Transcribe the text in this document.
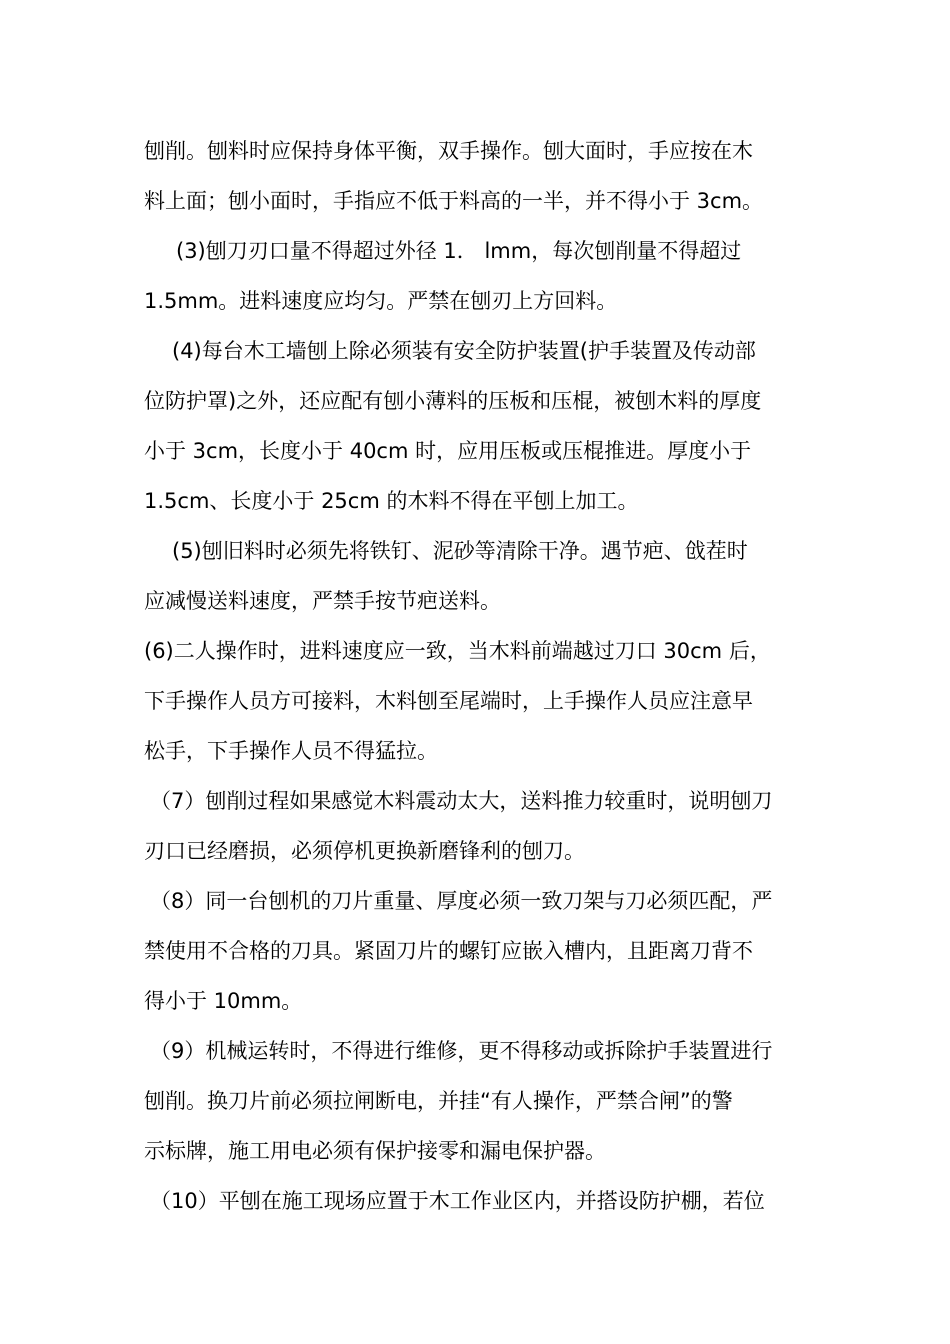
刨削。刨料时应保持身体平衡，双手操作。刨大面时，手应按在木
料上面；刨小面时，手指应不低于料高的一半，并不得小于 3cm。
(3)刨刀刃口量不得超过外径 1． lmm，每次刨削量不得超过
1.5mm。进料速度应均匀。严禁在刨刃上方回料。
(4)每台木工墙刨上除必须装有安全防护装置(护手装置及传动部
位防护罩)之外，还应配有刨小薄料的压板和压棍，被刨木料的厚度
小于 3cm，长度小于 40cm 时，应用压板或压棍推进。厚度小于
1.5cm、长度小于 25cm 的木料不得在平刨上加工。
(5)刨旧料时必须先将铁钉、泥砂等清除干净。遇节疤、戗茬时
应减慢送料速度，严禁手按节疤送料。
(6)二人操作时，进料速度应一致，当木料前端越过刀口 30cm 后，
下手操作人员方可接料，木料刨至尾端时，上手操作人员应注意早
松手，下手操作人员不得猛拉。
（7）刨削过程如果感觉木料震动太大，送料推力较重时，说明刨刀
刃口已经磨损，必须停机更换新磨锋利的刨刀。
（8）同一台刨机的刀片重量、厚度必须一致刀架与刀必须匹配，严
禁使用不合格的刀具。紧固刀片的螺钉应嵌入槽内，且距离刀背不
得小于 10mm。
（9）机械运转时，不得进行维修，更不得移动或拆除护手装置进行
刨削。换刀片前必须拉闸断电，并挂“有人操作，严禁合闸”的警
示标牌，施工用电必须有保护接零和漏电保护器。
（10）平刨在施工现场应置于木工作业区内，并搭设防护棚，若位
